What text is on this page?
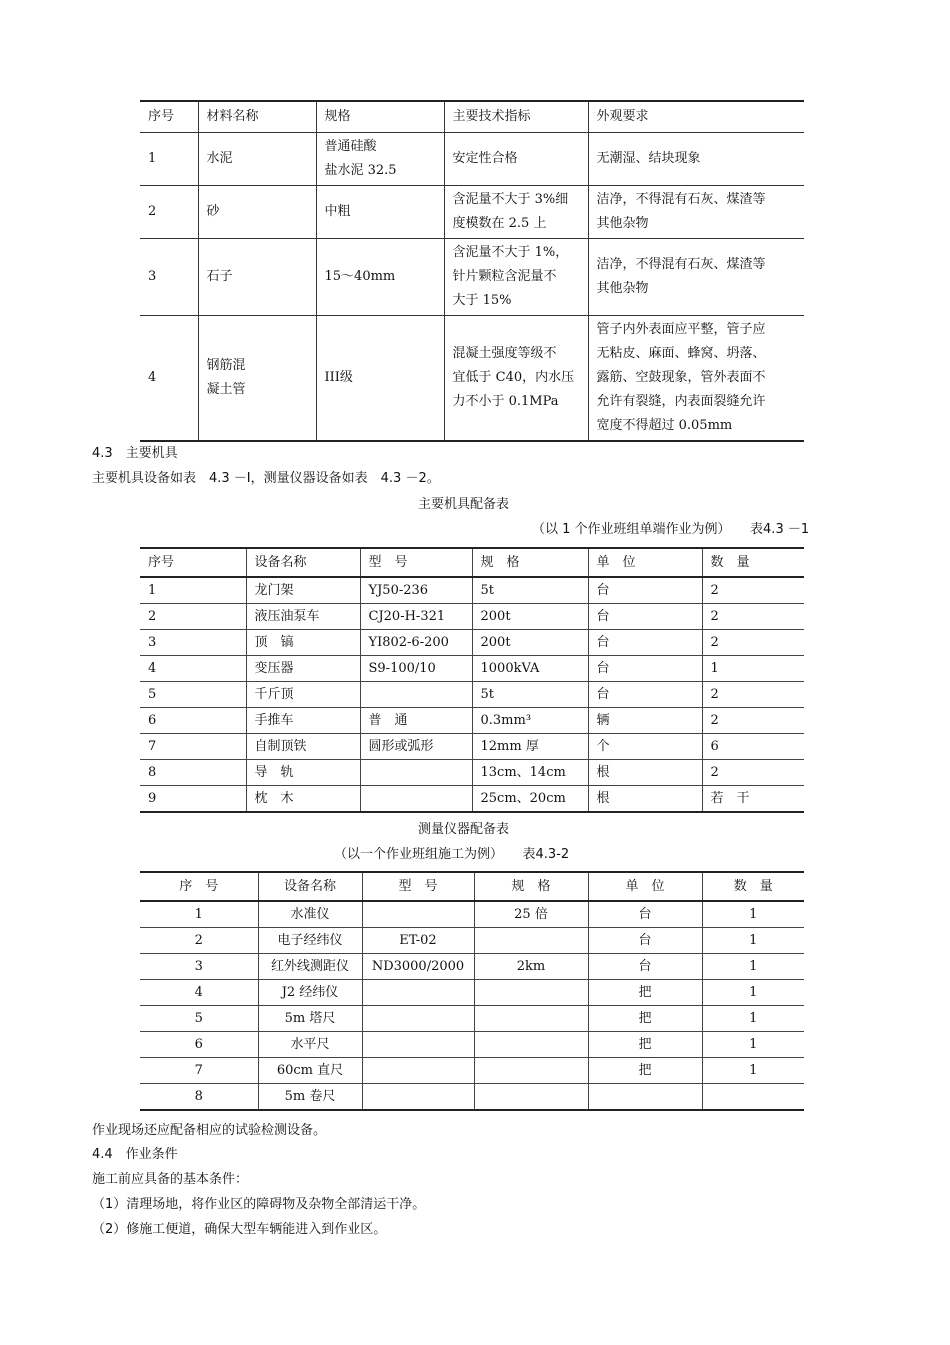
序号	材料名称	规格	主要技术指标	外观要求
1	水泥	普通硅酸
盐水泥 32.5	安定性合格	无潮湿、结块现象
2	砂	中粗	含泥量不大于 3%细
度模数在 2.5 上	洁净，不得混有石灰、煤渣等
其他杂物
3	石子	15～40mm	含泥量不大于 1%，
针片颗粒含泥量不
大于 15%	洁净，不得混有石灰、煤渣等
其他杂物
4	钢筋混
凝土管	III级	混凝土强度等级不
宜低于 C40，内水压
力不小于 0.1MPa	管子内外表面应平整，管子应
无粘皮、麻面、蜂窝、坍落、
露筋、空鼓现象，管外表面不
允许有裂缝，内表面裂缝允许
宽度不得超过 0.05mm
4.3　主要机具
主要机具设备如表　4.3 －Ⅰ，测量仪器设备如表　4.3 －2。
主要机具配备表
（以 1 个作业班组单端作业为例）　　表4.3 －1
序号	设备名称	型　号	规　格	单　位	数　量
1	龙门架	YJ50-236	5t	台	2
2	液压油泵车	CJ20-H-321	200t	台	2
3	顶　镐	YI802-6-200	200t	台	2
4	变压器	S9-100/10	1000kVA	台	1
5	千斤顶		5t	台	2
6	手推车	普　通	0.3mm³	辆	2
7	自制顶铁	圆形或弧形	12mm 厚	个	6
8	导　轨		13cm、14cm	根	2
9	枕　木		25cm、20cm	根	若　干
测量仪器配备表
（以一个作业班组施工为例）　　表4.3-2
序　号	设备名称	型　号	规　格	单　位	数　量
1	水准仪		25 倍	台	1
2	电子经纬仪	ET-02		台	1
3	红外线测距仪	ND3000/2000	2km	台	1
4	J2 经纬仪			把	1
5	5m 塔尺			把	1
6	水平尺			把	1
7	60cm 直尺			把	1
8	5m 卷尺				
作业现场还应配备相应的试验检测设备。
4.4　作业条件
施工前应具备的基本条件：
（1）清理场地，将作业区的障碍物及杂物全部清运干净。
（2）修施工便道，确保大型车辆能进入到作业区。
